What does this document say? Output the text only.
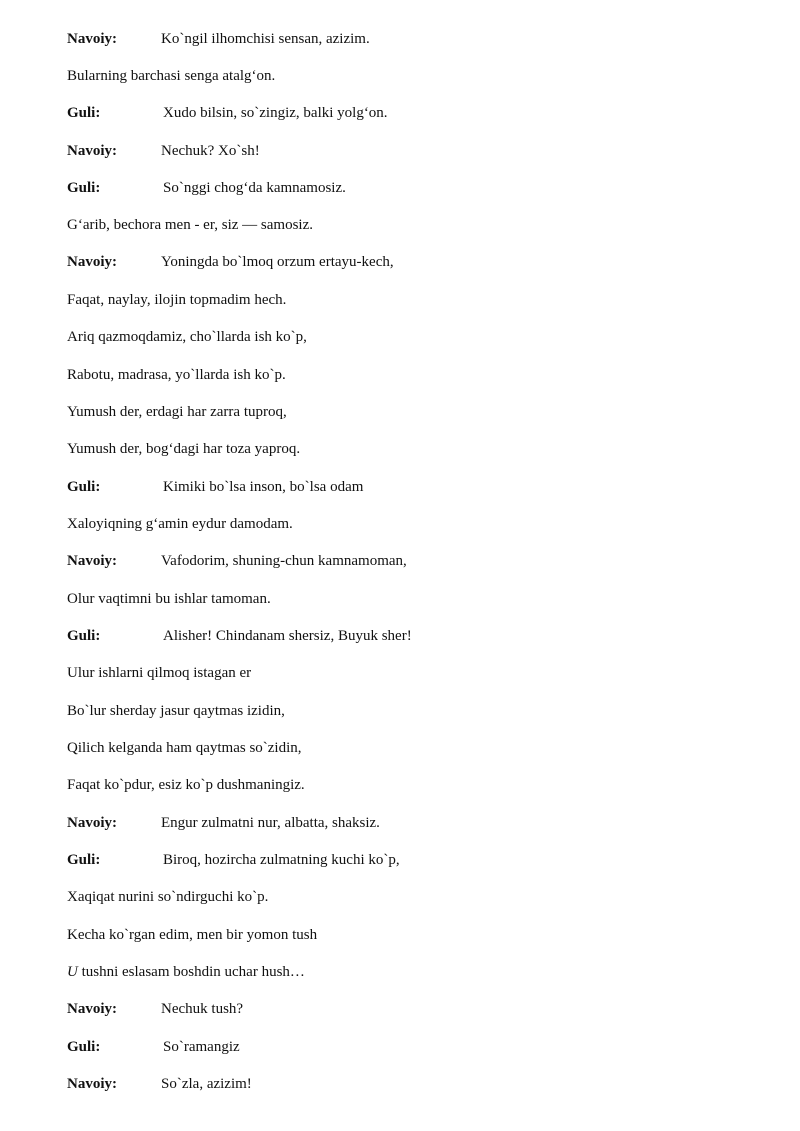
Navoiy:	Ko`ngil ilhomchisi sensan, azizim.
Bularning barchasi senga atalg‘on.
Guli:	Xudo bilsin, so`zingiz, balki yolg‘on.
Navoiy:	Nechuk? Xo`sh!
Guli:	So`nggi chog‘da kamnamosiz.
G‘arib, bechora men - er, siz — samosiz.
Navoiy:	Yoningda bo`lmoq orzum ertayu-kech,
Faqat, naylay, ilojin topmadim hech.
Ariq qazmoqdamiz, cho`llarda ish ko`p,
Rabotu, madrasa, yo`llarda ish ko`p.
Yumush der, erdagi har zarra tuproq,
Yumush der, bog‘dagi har toza yaproq.
Guli:	Kimiki bo`lsa inson, bo`lsa odam
Xaloyiqning g‘amin eydur damodam.
Navoiy:	Vafodorim, shuning-chun kamnamoman,
Olur vaqtimni bu ishlar tamoman.
Guli:	Alisher! Chindanam shersiz, Buyuk sher!
Ulur ishlarni qilmoq istagan er
Bo`lur sherday jasur qaytmas izidin,
Qilich kelganda ham qaytmas so`zidin,
Faqat ko`pdur, esiz ko`p dushmaningiz.
Navoiy:	Engur zulmatni nur, albatta, shaksiz.
Guli:	Biroq, hozircha zulmatning kuchi ko`p,
Xaqiqat nurini so`ndirguchi ko`p.
Kecha ko`rgan edim, men bir yomon tush
U tushni eslasam boshdin uchar hush…
Navoiy:	Nechuk tush?
Guli:	So`ramangiz
Navoiy:	So`zla, azizim!
